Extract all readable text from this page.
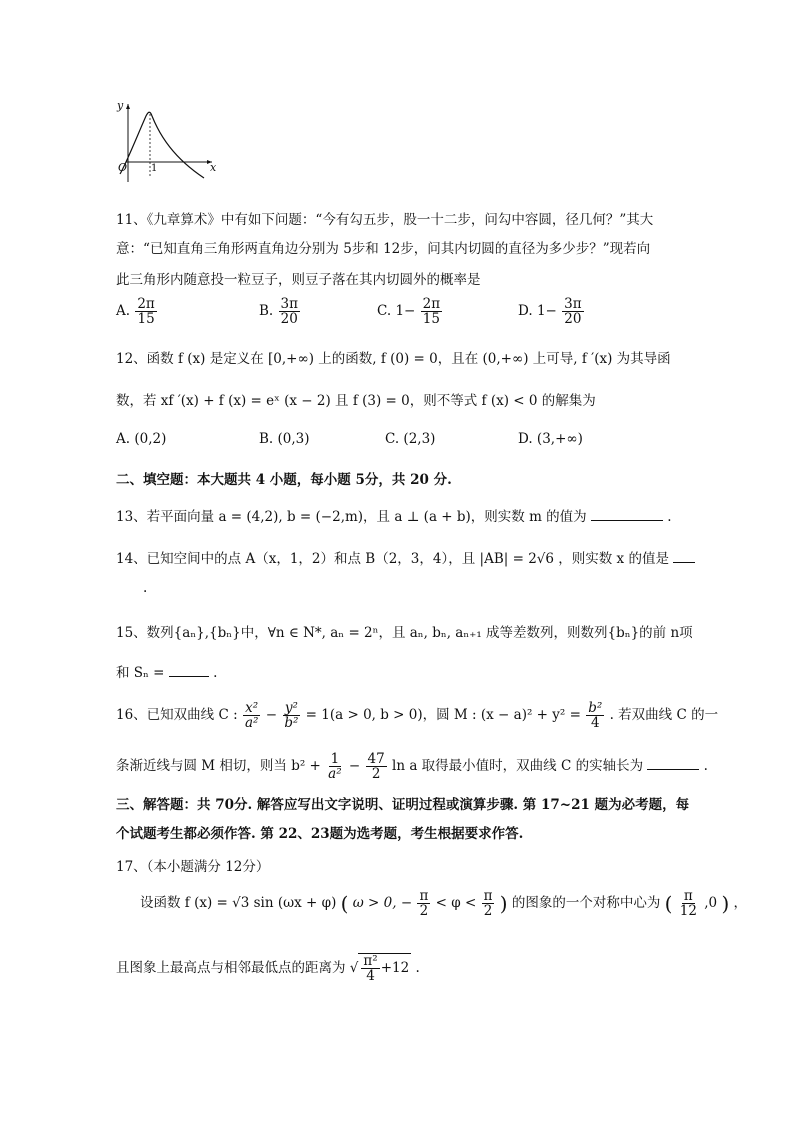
y
x
O 1
11、《九章算术》中有如下问题：“今有勾五步，股一十二步，问勾中容圆，径几何？”其大
意：“已知直角三角形两直角边分别为 5步和 12步，问其内切圆的直径为多少步？”现若向
此三角形内随意投一粒豆子，则豆子落在其内切圆外的概率是
A. $\frac{2\pi}{15}$	B. $\frac{3\pi}{20}$	C. $1- \frac{2\pi}{15}$	D. $1- \frac{3\pi}{20}$
12、函数 f (x) 是定义在 [0,+∞) 上的函数, f (0) = 0，且在 (0,+∞) 上可导, f ′(x) 为其导函
数，若 xf ′(x) + f (x) = eˣ (x − 2) 且 f (3) = 0，则不等式 f (x) < 0 的解集为
A. (0,2)	B. (0,3)	C. (2,3)	D. (3,+∞)
二、填空题：本大题共 4 小题，每小题 5分，共 20 分.
13、若平面向量 a = (4,2), b = (−2,m)，且 a ⊥ (a + b)，则实数 m 的值为	.
14、已知空间中的点 A（x，1，2）和点 B（2，3，4），且 |AB| = 2√6 ，则实数 x 的值是
.
15、数列{aₙ},{bₙ}中，∀n ∈ N*, aₙ = 2ⁿ，且 aₙ, bₙ, aₙ₊₁ 成等差数列，则数列{bₙ}的前 n项
和 Sₙ =	.
16、已知双曲线 C : $\frac{\text{x²}}{\text{a²}} - \frac{\text{y²}}{\text{b²}} = 1(a > 0$, b > 0)，圆 M : $(x - a)^2 + y^2 = \frac{\text{b²}}{4}$ . 若双曲线 C 的一
条渐近线与圆 M 相切，则当 $b^2 + \frac{1}{\text{a²}} - \frac{47}{2}$ ln a 取得最小值时，双曲线 C 的实轴长为	.
三、解答题：共 70分. 解答应写出文字说明、证明过程或演算步骤. 第 17~21 题为必考题，每
个试题考生都必须作答. 第 22、23题为选考题，考生根据要求作答.
17、（本小题满分 12分）
设函数 f (x) = √3 sin (ωx + φ) ( ω > 0, − $\frac{\pi}{2} < \varphi < \frac{\pi}{2}$ ) 的图象的一个对称中心为 ( $\frac{\pi}{12} ,0$ ) ，
且图象上最高点与相邻最低点的距离为 √ $\frac{\text{π²}}{4} +12$ .
